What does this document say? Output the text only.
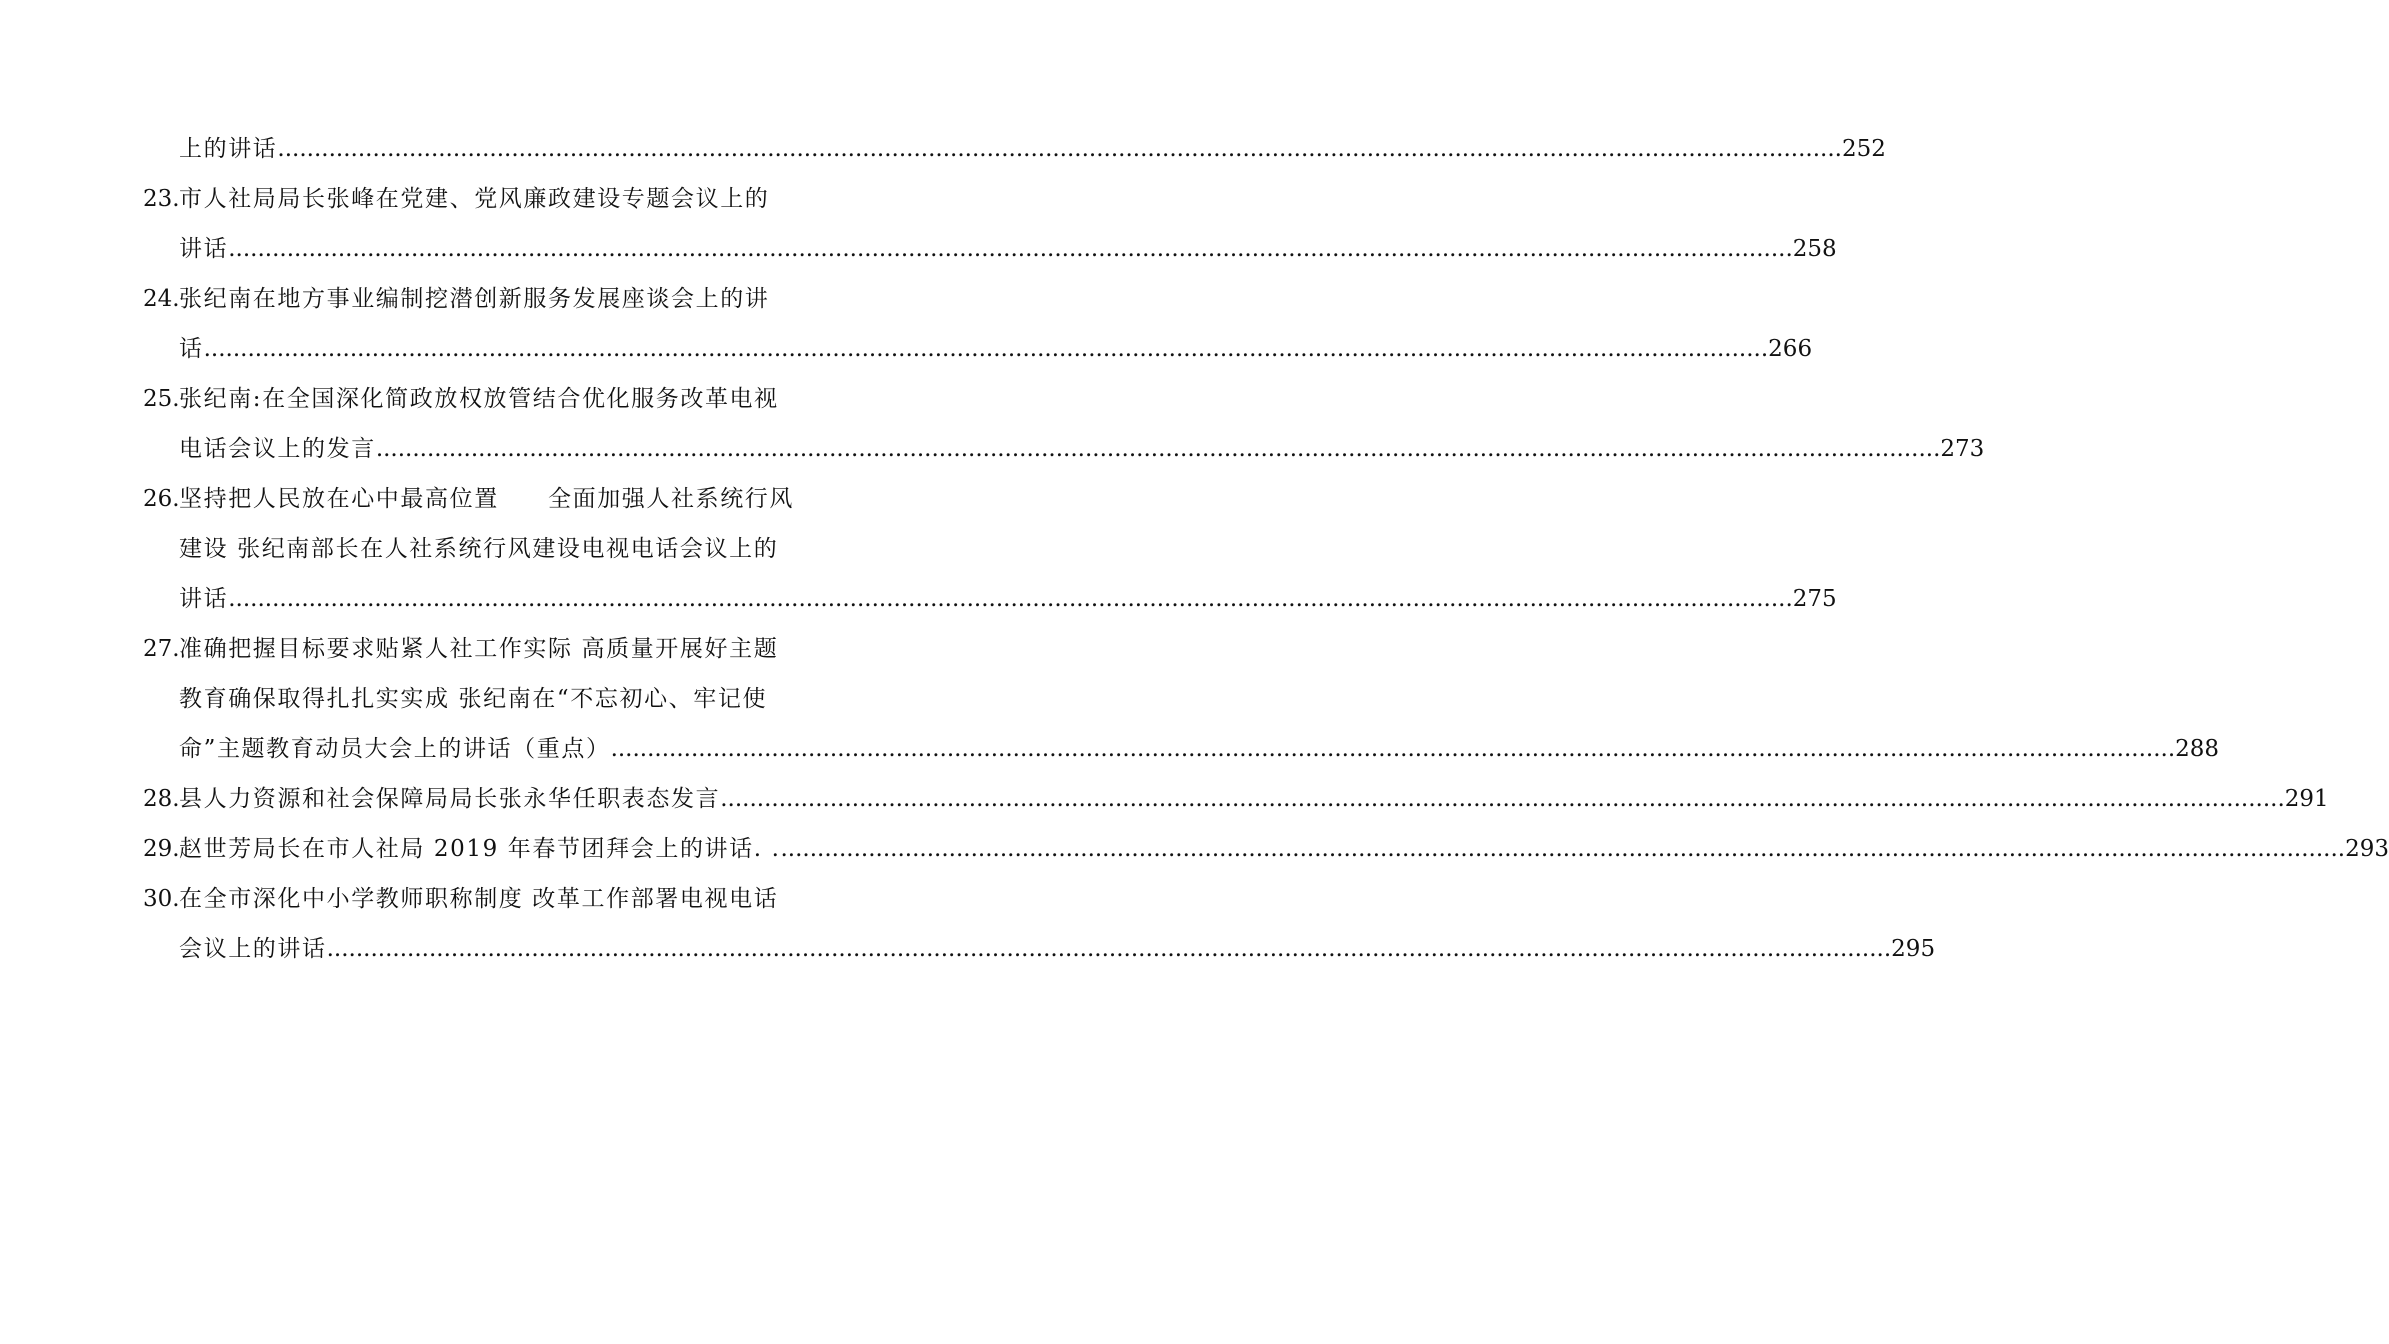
上的讲话 .....	252
23. 市人社局局长张峰在党建、党风廉政建设专题会议上的
讲话 .....	258
24. 张纪南在地方事业编制挖潜创新服务发展座谈会上的讲
话 .....	266
25. 张纪南:在全国深化简政放权放管结合优化服务改革电视
电话会议上的发言 .....	273
26. 坚持把人民放在心中最高位置　　全面加强人社系统行风
建设 张纪南部长在人社系统行风建设电视电话会议上的
讲话 .....	275
27. 准确把握目标要求贴紧人社工作实际 高质量开展好主题
教育确保取得扎扎实实成 张纪南在“不忘初心、牢记使
命”主题教育动员大会上的讲话（重点） .....	288
28. 县人力资源和社会保障局局长张永华任职表态发言 .....	291
29. 赵世芳局长在市人社局 2019 年春节团拜会上的讲话. . .....	293
30. 在全市深化中小学教师职称制度 改革工作部署电视电话
会议上的讲话 .....	295
